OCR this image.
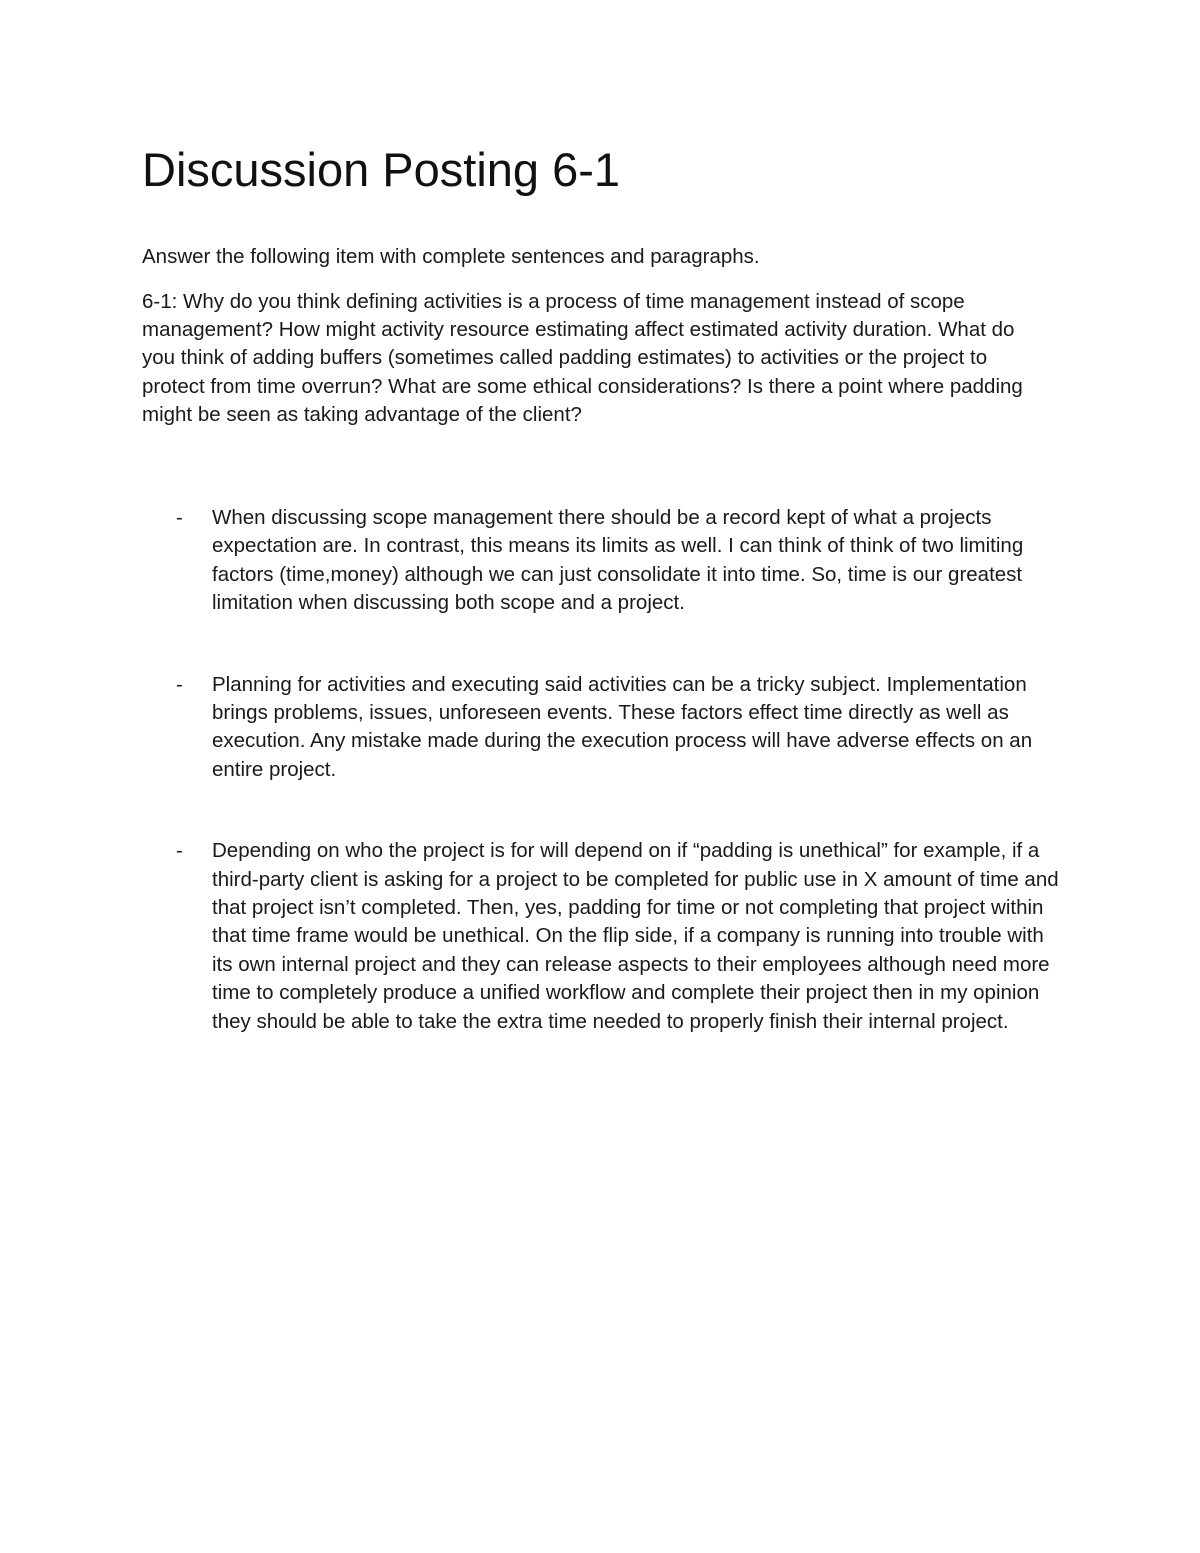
Discussion Posting 6-1

Answer the following item with complete sentences and paragraphs.

6-1: Why do you think defining activities is a process of time management instead of scope management? How might activity resource estimating affect estimated activity duration. What do you think of adding buffers (sometimes called padding estimates) to activities or the project to protect from time overrun? What are some ethical considerations? Is there a point where padding might be seen as taking advantage of the client?

- When discussing scope management there should be a record kept of what a projects expectation are. In contrast, this means its limits as well. I can think of think of two limiting factors (time,money) although we can just consolidate it into time. So, time is our greatest limitation when discussing both scope and a project.
- Planning for activities and executing said activities can be a tricky subject. Implementation brings problems, issues, unforeseen events. These factors effect time directly as well as execution. Any mistake made during the execution process will have adverse effects on an entire project.
- Depending on who the project is for will depend on if “padding is unethical” for example, if a third-party client is asking for a project to be completed for public use in X amount of time and that project isn’t completed. Then, yes, padding for time or not completing that project within that time frame would be unethical. On the flip side, if a company is running into trouble with its own internal project and they can release aspects to their employees although need more time to completely produce a unified workflow and complete their project then in my opinion they should be able to take the extra time needed to properly finish their internal project.
